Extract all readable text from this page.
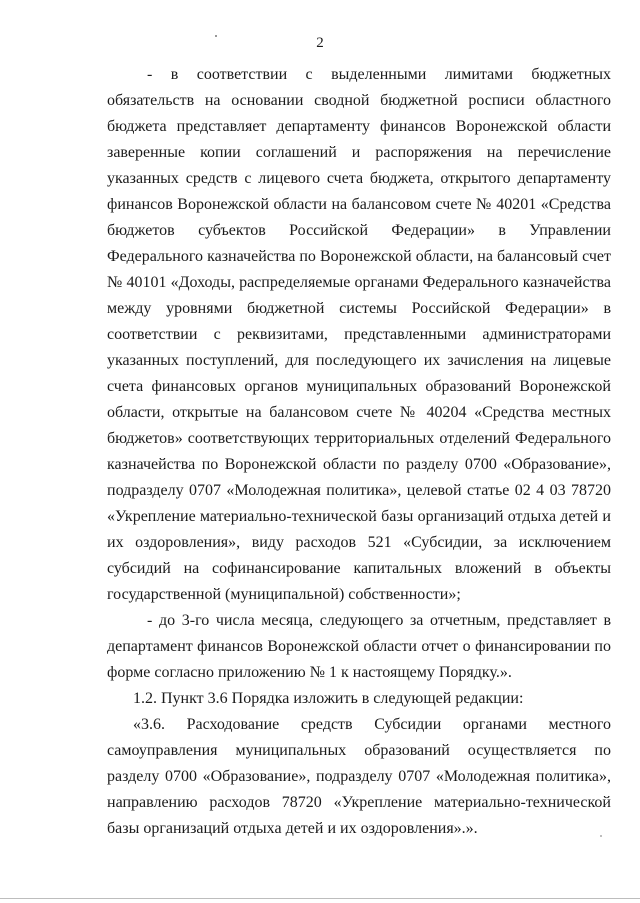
2

- в соответствии с выделенными лимитами бюджетных обязательств на основании сводной бюджетной росписи областного бюджета представляет департаменту финансов Воронежской области заверенные копии соглашений и распоряжения на перечисление указанных средств с лицевого счета бюджета, открытого департаменту финансов Воронежской области на балансовом счете № 40201 «Средства бюджетов субъектов Российской Федерации» в Управлении Федерального казначейства по Воронежской области, на балансовый счет № 40101 «Доходы, распределяемые органами Федерального казначейства между уровнями бюджетной системы Российской Федерации» в соответствии с реквизитами, представленными администраторами указанных поступлений, для последующего их зачисления на лицевые счета финансовых органов муниципальных образований Воронежской области, открытые на балансовом счете № 40204 «Средства местных бюджетов» соответствующих территориальных отделений Федерального казначейства по Воронежской области по разделу 0700 «Образование», подразделу 0707 «Молодежная политика», целевой статье 02 4 03 78720 «Укрепление материально-технической базы организаций отдыха детей и их оздоровления», виду расходов 521 «Субсидии, за исключением субсидий на софинансирование капитальных вложений в объекты государственной (муниципальной) собственности»;

- до 3-го числа месяца, следующего за отчетным, представляет в департамент финансов Воронежской области отчет о финансировании по форме согласно приложению № 1 к настоящему Порядку.».

1.2. Пункт 3.6 Порядка изложить в следующей редакции:

«3.6. Расходование средств Субсидии органами местного самоуправления муниципальных образований осуществляется по разделу 0700 «Образование», подразделу 0707 «Молодежная политика», направлению расходов 78720 «Укрепление материально-технической базы организаций отдыха детей и их оздоровления».».
